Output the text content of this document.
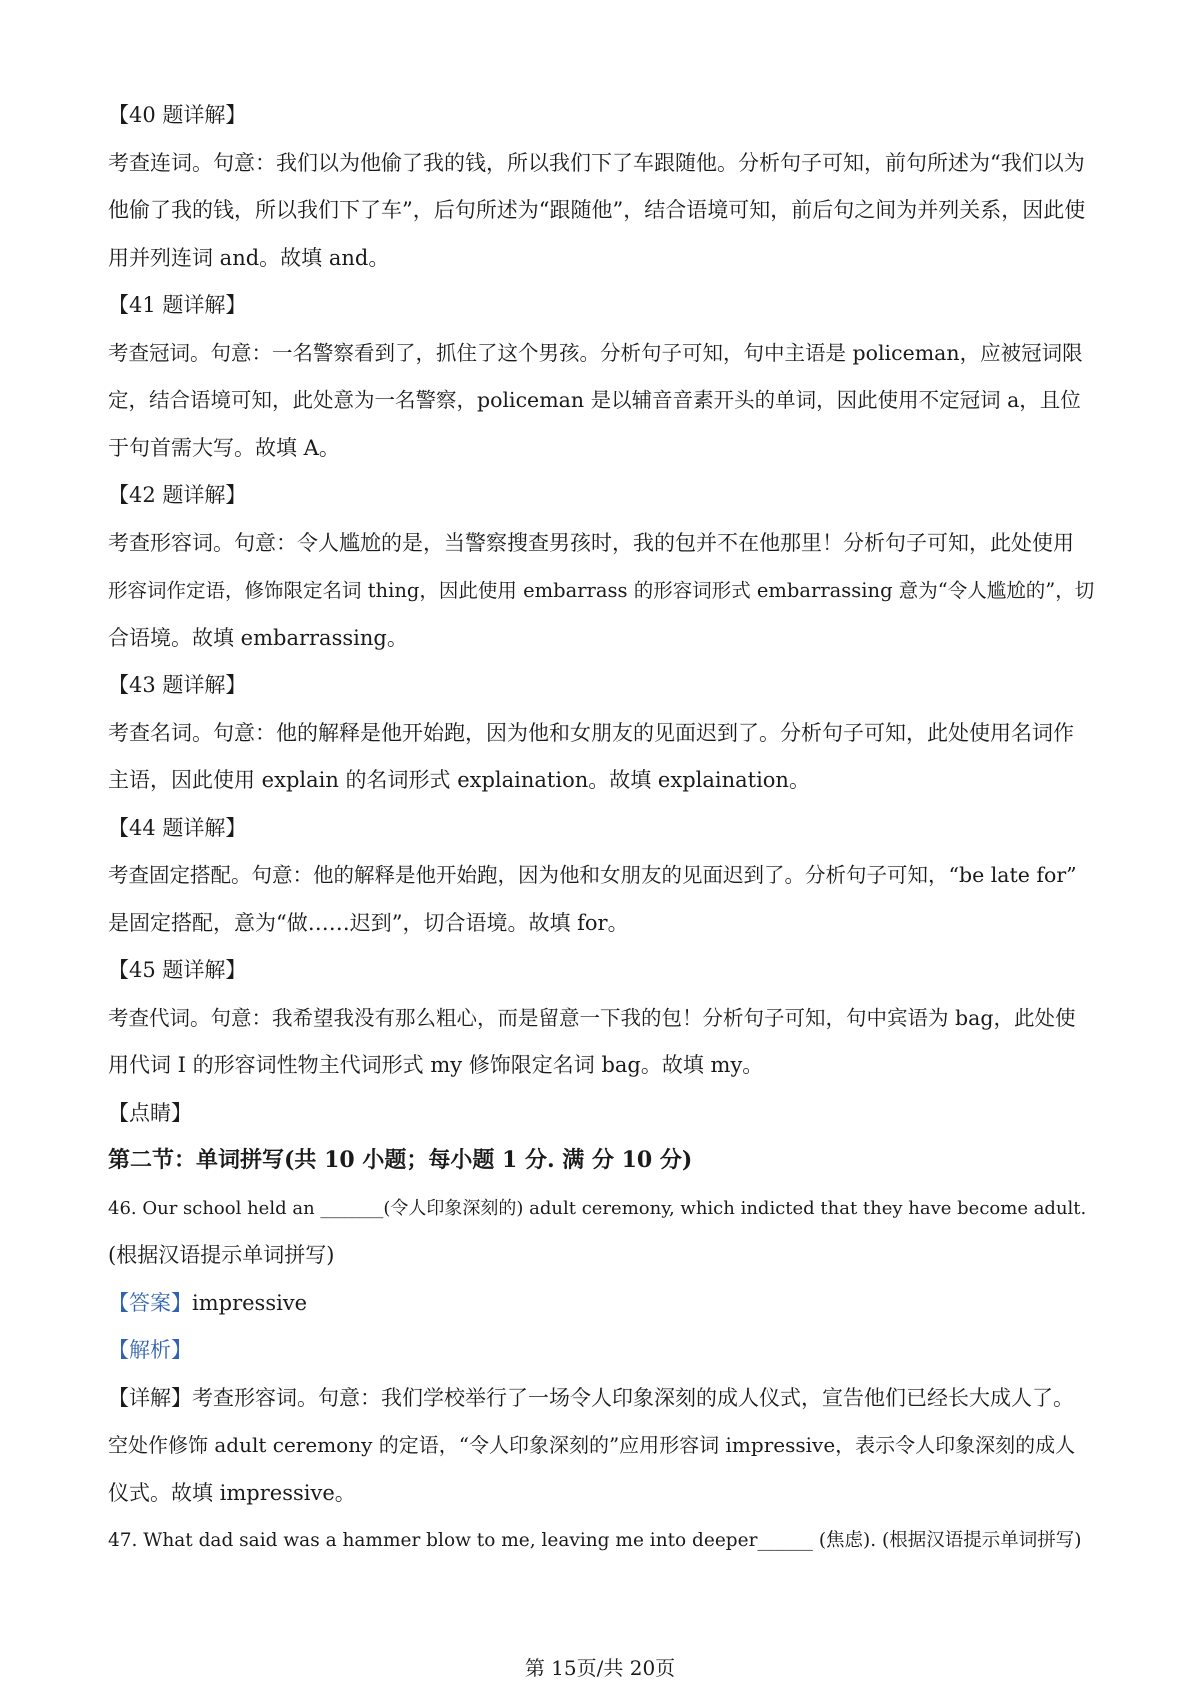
【40 题详解】
考查连词。句意：我们以为他偷了我的钱，所以我们下了车跟随他。分析句子可知，前句所述为“我们以为
他偷了我的钱，所以我们下了车”，后句所述为“跟随他”，结合语境可知，前后句之间为并列关系，因此使
用并列连词 and。故填 and。
【41 题详解】
考查冠词。句意：一名警察看到了，抓住了这个男孩。分析句子可知，句中主语是 policeman，应被冠词限
定，结合语境可知，此处意为一名警察，policeman 是以辅音音素开头的单词，因此使用不定冠词 a，且位
于句首需大写。故填 A。
【42 题详解】
考查形容词。句意：令人尴尬的是，当警察搜查男孩时，我的包并不在他那里！分析句子可知，此处使用
形容词作定语，修饰限定名词 thing，因此使用 embarrass 的形容词形式 embarrassing 意为“令人尴尬的”，切
合语境。故填 embarrassing。
【43 题详解】
考查名词。句意：他的解释是他开始跑，因为他和女朋友的见面迟到了。分析句子可知，此处使用名词作
主语，因此使用 explain 的名词形式 explaination。故填 explaination。
【44 题详解】
考查固定搭配。句意：他的解释是他开始跑，因为他和女朋友的见面迟到了。分析句子可知，“be late for”
是固定搭配，意为“做……迟到”，切合语境。故填 for。
【45 题详解】
考查代词。句意：我希望我没有那么粗心，而是留意一下我的包！分析句子可知，句中宾语为 bag，此处使
用代词 I 的形容词性物主代词形式 my 修饰限定名词 bag。故填 my。
【点睛】
第二节：单词拼写(共 10 小题；每小题 1 分. 满 分 10 分)
46. Our school held an _______(令人印象深刻的) adult ceremony, which indicted that they have become adult.
(根据汉语提示单词拼写)
【答案】impressive
【解析】
【详解】考查形容词。句意：我们学校举行了一场令人印象深刻的成人仪式，宣告他们已经长大成人了。
空处作修饰 adult ceremony 的定语，“令人印象深刻的”应用形容词 impressive，表示令人印象深刻的成人
仪式。故填 impressive。
47. What dad said was a hammer blow to me, leaving me into deeper______ (焦虑). (根据汉语提示单词拼写)
第 15页/共 20页
